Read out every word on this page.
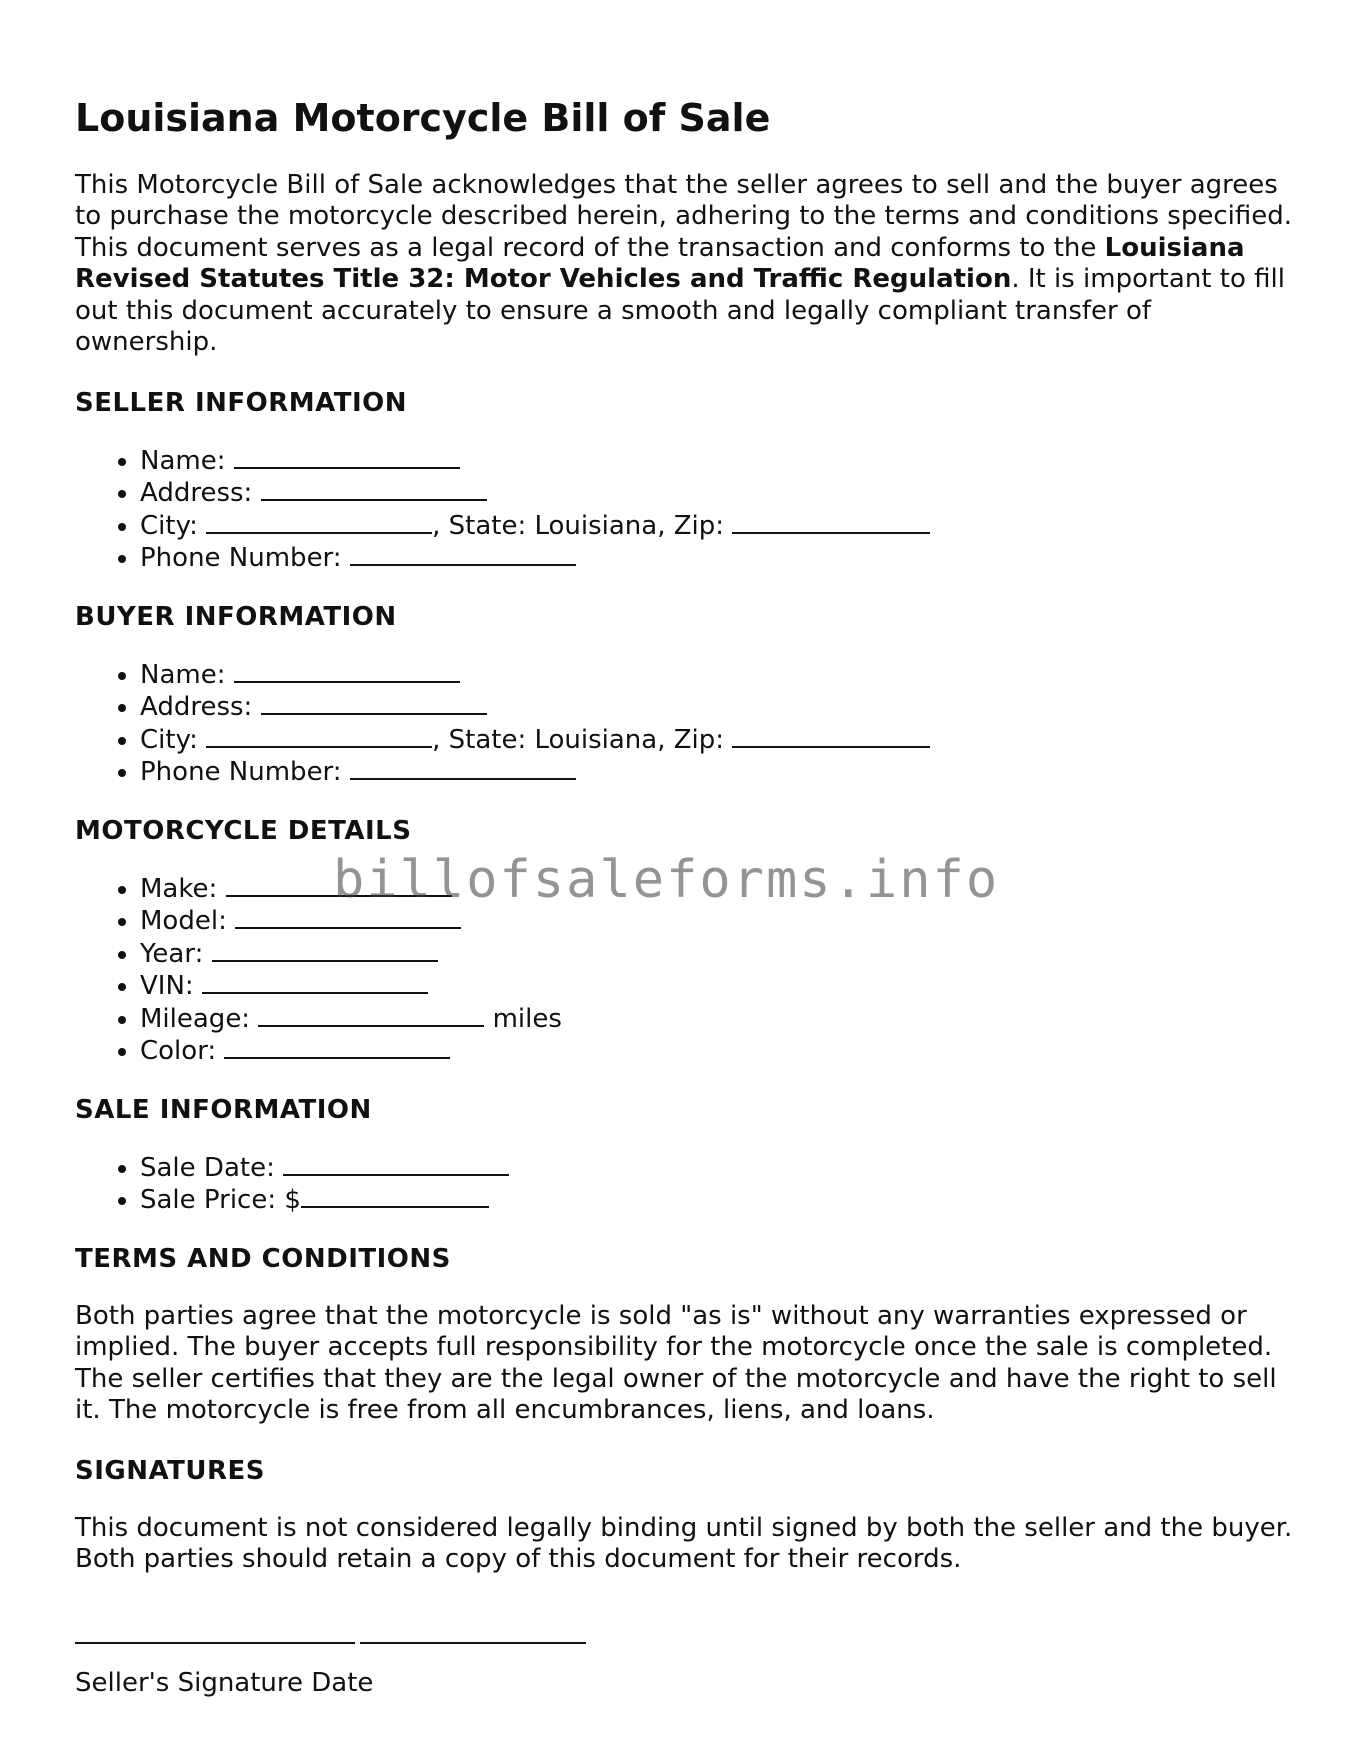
Louisiana Motorcycle Bill of Sale

This Motorcycle Bill of Sale acknowledges that the seller agrees to sell and the buyer agrees to purchase the motorcycle described herein, adhering to the terms and conditions specified. This document serves as a legal record of the transaction and conforms to the Louisiana Revised Statutes Title 32: Motor Vehicles and Traffic Regulation. It is important to fill out this document accurately to ensure a smooth and legally compliant transfer of ownership.

SELLER INFORMATION
• Name:
• Address:
• City:	, State: Louisiana, Zip:
• Phone Number:
BUYER INFORMATION
• Name:
• Address:
• City:	, State: Louisiana, Zip:
• Phone Number:
MOTORCYCLE DETAILS
• Make:
• Model:
• Year:
• VIN:
• Mileage:	miles
• Color:
SALE INFORMATION
• Sale Date:
• Sale Price: $
TERMS AND CONDITIONS

Both parties agree that the motorcycle is sold "as is" without any warranties expressed or implied. The buyer accepts full responsibility for the motorcycle once the sale is completed. The seller certifies that they are the legal owner of the motorcycle and have the right to sell it. The motorcycle is free from all encumbrances, liens, and loans.

SIGNATURES

This document is not considered legally binding until signed by both the seller and the buyer. Both parties should retain a copy of this document for their records.

Seller's Signature Date
billofsaleforms.info
